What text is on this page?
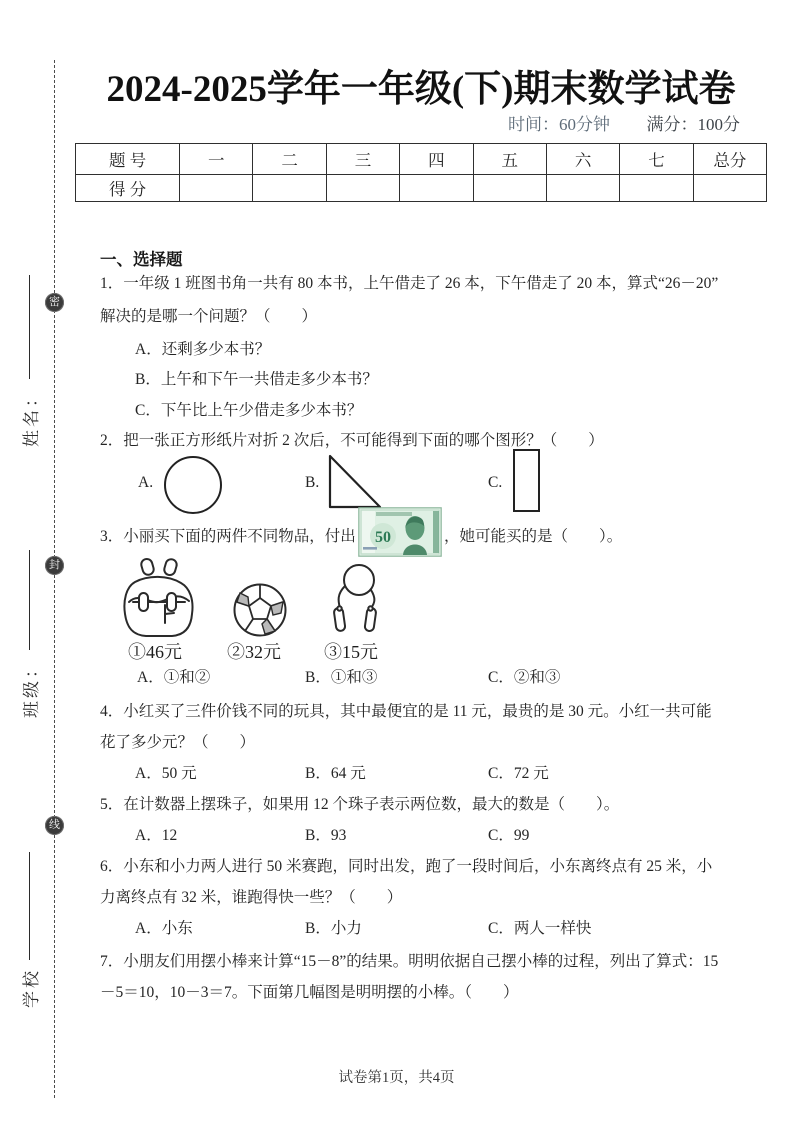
密
封
线
姓名：
班级：
学校
2024-2025学年一年级(下)期末数学试卷
时间：60分钟 满分：100分
题 号	一	二	三	四	五	六	七	总分
得 分								
一、选择题
1．一年级 1 班图书角一共有 80 本书，上午借走了 26 本，下午借走了 20 本，算式“26－20”
解决的是哪一个问题？（　　）
A．还剩多少本书？
B．上午和下午一共借走多少本书？
C．下午比上午少借走多少本书？
2．把一张正方形纸片对折 2 次后，不可能得到下面的哪个图形？（　　）
A.	B.	C.
3．小丽买下面的两件不同物品，付出 50	，她可能买的是（　　）。
①46元	②32元 ③15元
A．①和②	B．①和③	C．②和③
4．小红买了三件价钱不同的玩具，其中最便宜的是 11 元，最贵的是 30 元。小红一共可能
花了多少元？（　　）
A．50 元	B．64 元	C．72 元
5．在计数器上摆珠子，如果用 12 个珠子表示两位数，最大的数是（　　）。
A．12	B．93	C．99
6．小东和小力两人进行 50 米赛跑，同时出发，跑了一段时间后，小东离终点有 25 米，小
力离终点有 32 米，谁跑得快一些？（　　）
A．小东	B．小力	C．两人一样快
7．小朋友们用摆小棒来计算“15－8”的结果。明明依据自己摆小棒的过程，列出了算式：15
－5＝10，10－3＝7。下面第几幅图是明明摆的小棒。（　　）
试卷第1页，共4页
